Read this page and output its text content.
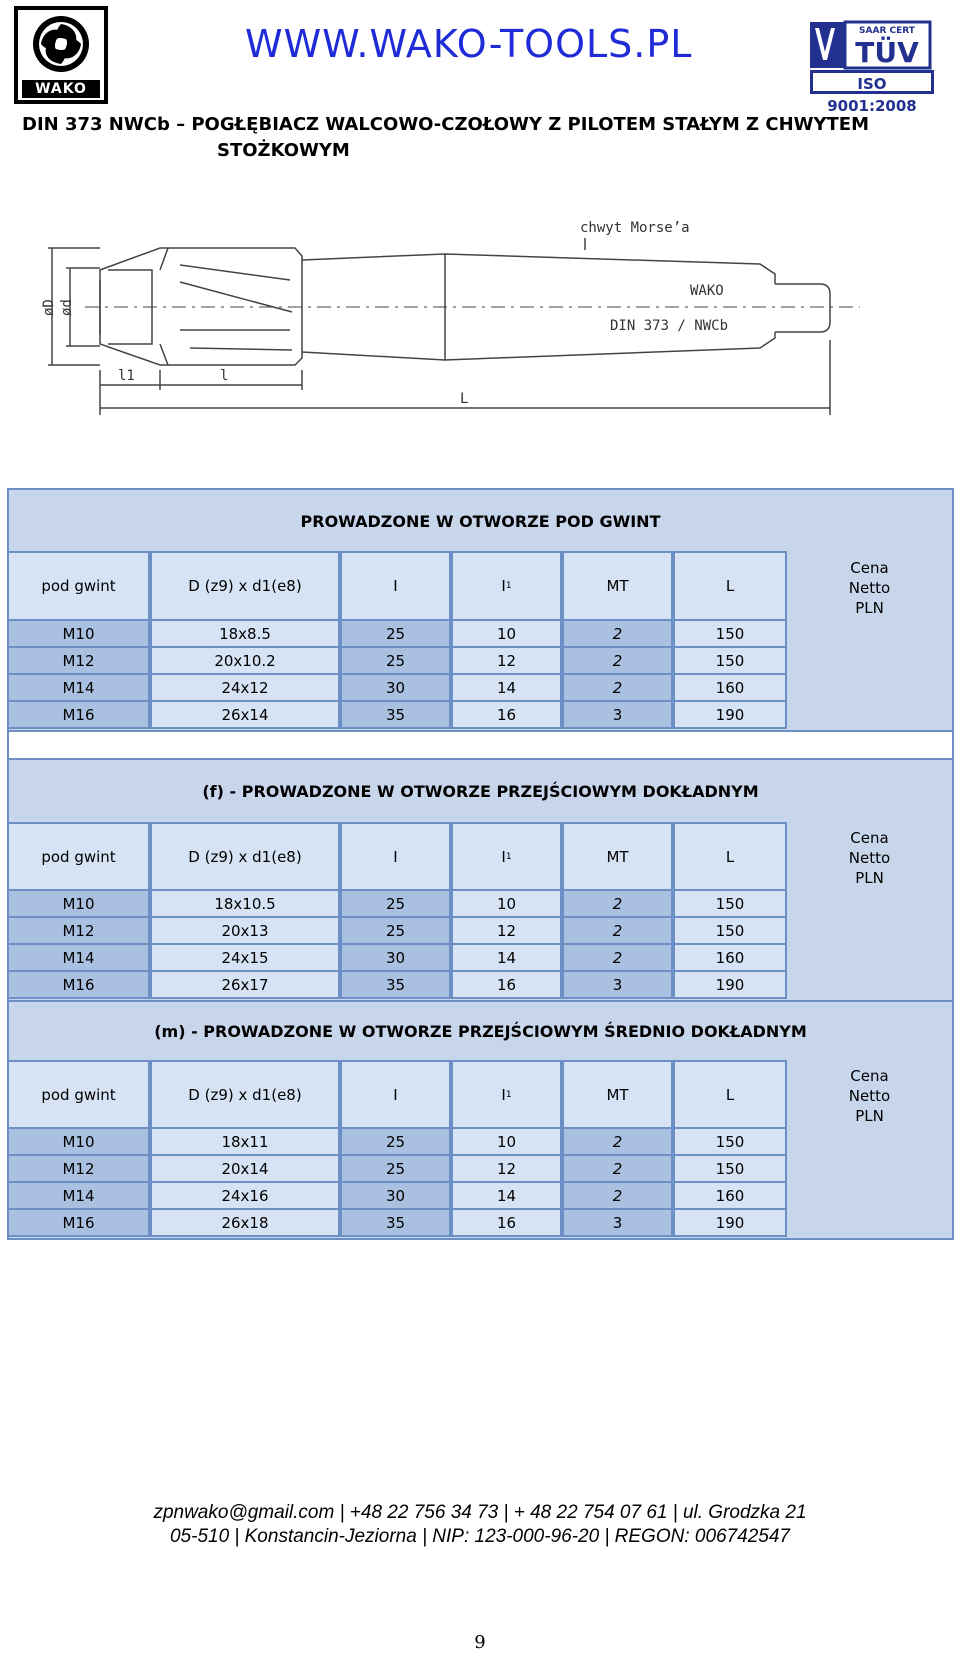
WAKO
WWW.WAKO-TOOLS.PL	SAAR CERT
TÜV
ISO 9001:2008
DIN 373 NWCb – POGŁĘBIACZ WALCOWO-CZOŁOWY Z PILOTEM STAŁYM Z CHWYTEM
STOŻKOWYM
chwyt Morse’a
WAKO
DIN 373 / NWCb
øD ød
l1	l
L
PROWADZONE W OTWORZE POD GWINT
(f) - PROWADZONE W OTWORZE PRZEJŚCIOWYM DOKŁADNYM
(m) - PROWADZONE W OTWORZE PRZEJŚCIOWYM ŚREDNIO DOKŁADNYM
pod gwint	D (z9) x d1(e8)	I	I 1	MT	L
Cena
Netto
PLN
M10	18x8.5	25	10	2	150
M12	20x10.2	25	12	2	150
M14	24x12	30	14	2	160
M16	26x14	35	16	3	190
pod gwint	D (z9) x d1(e8)	I	I 1	MT	L
Cena
Netto
PLN
M10	18x10.5	25	10	2	150
M12	20x13	25	12	2	150
M14	24x15	30	14	2	160
M16	26x17	35	16	3	190
pod gwint	D (z9) x d1(e8)	I	I 1	MT	L
Cena
Netto
PLN
M10	18x11	25	10	2	150
M12	20x14	25	12	2	150
M14	24x16	30	14	2	160
M16	26x18	35	16	3	190
zpnwako@gmail.com | +48 22 756 34 73 | + 48 22 754 07 61 | ul. Grodzka 21
05-510 | Konstancin-Jeziorna | NIP: 123-000-96-20 | REGON: 006742547
9
